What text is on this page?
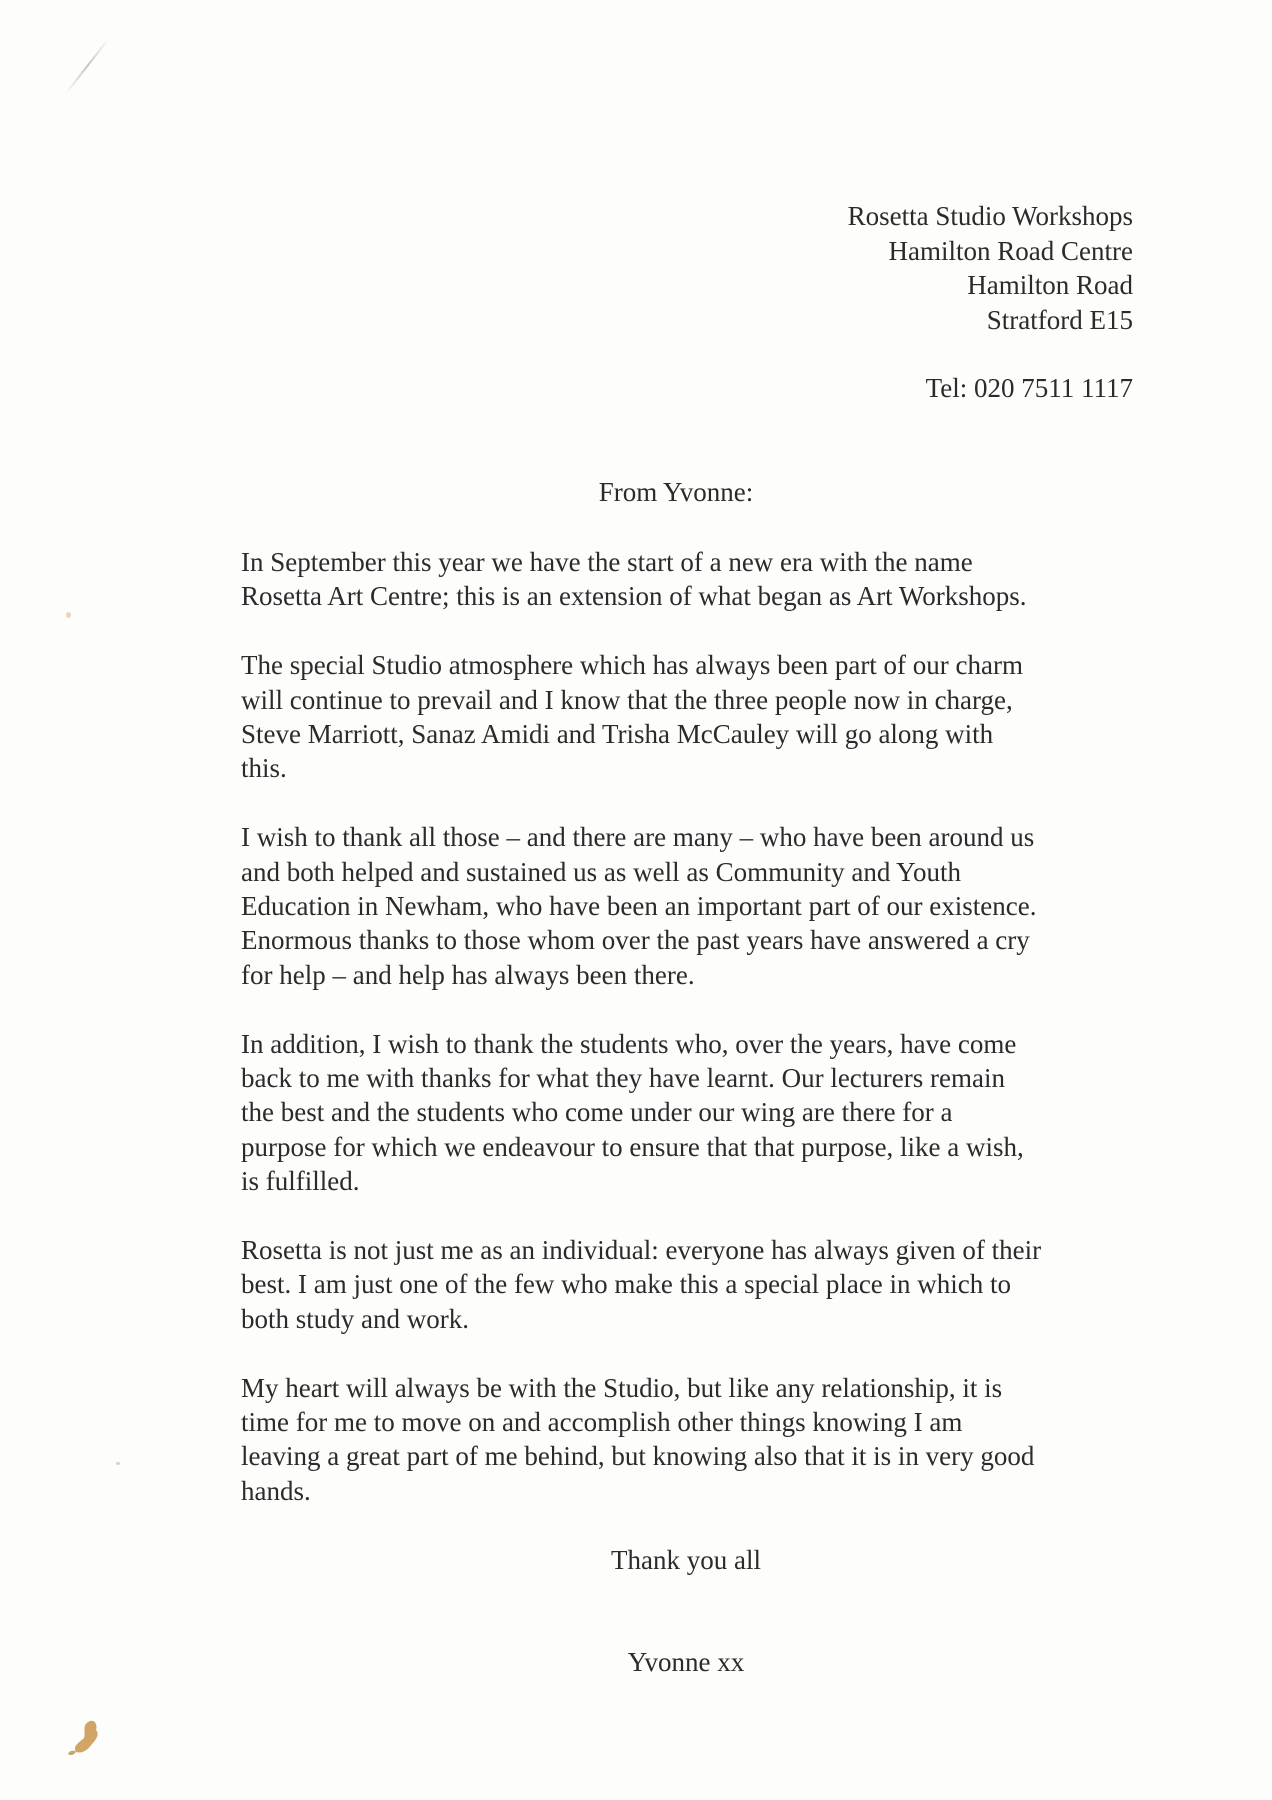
Rosetta Studio Workshops
Hamilton Road Centre
Hamilton Road
Stratford E15
Tel: 020 7511 1117
From Yvonne:

In September this year we have the start of a new era with the name
Rosetta Art Centre; this is an extension of what began as Art Workshops.

The special Studio atmosphere which has always been part of our charm
will continue to prevail and I know that the three people now in charge,
Steve Marriott, Sanaz Amidi and Trisha McCauley will go along with
this.

I wish to thank all those – and there are many – who have been around us
and both helped and sustained us as well as Community and Youth
Education in Newham, who have been an important part of our existence.
Enormous thanks to those whom over the past years have answered a cry
for help – and help has always been there.

In addition, I wish to thank the students who, over the years, have come
back to me with thanks for what they have learnt. Our lecturers remain
the best and the students who come under our wing are there for a
purpose for which we endeavour to ensure that that purpose, like a wish,
is fulfilled.

Rosetta is not just me as an individual: everyone has always given of their
best. I am just one of the few who make this a special place in which to
both study and work.

My heart will always be with the Studio, but like any relationship, it is
time for me to move on and accomplish other things knowing I am
leaving a great part of me behind, but knowing also that it is in very good
hands.

Thank you all
Yvonne xx
